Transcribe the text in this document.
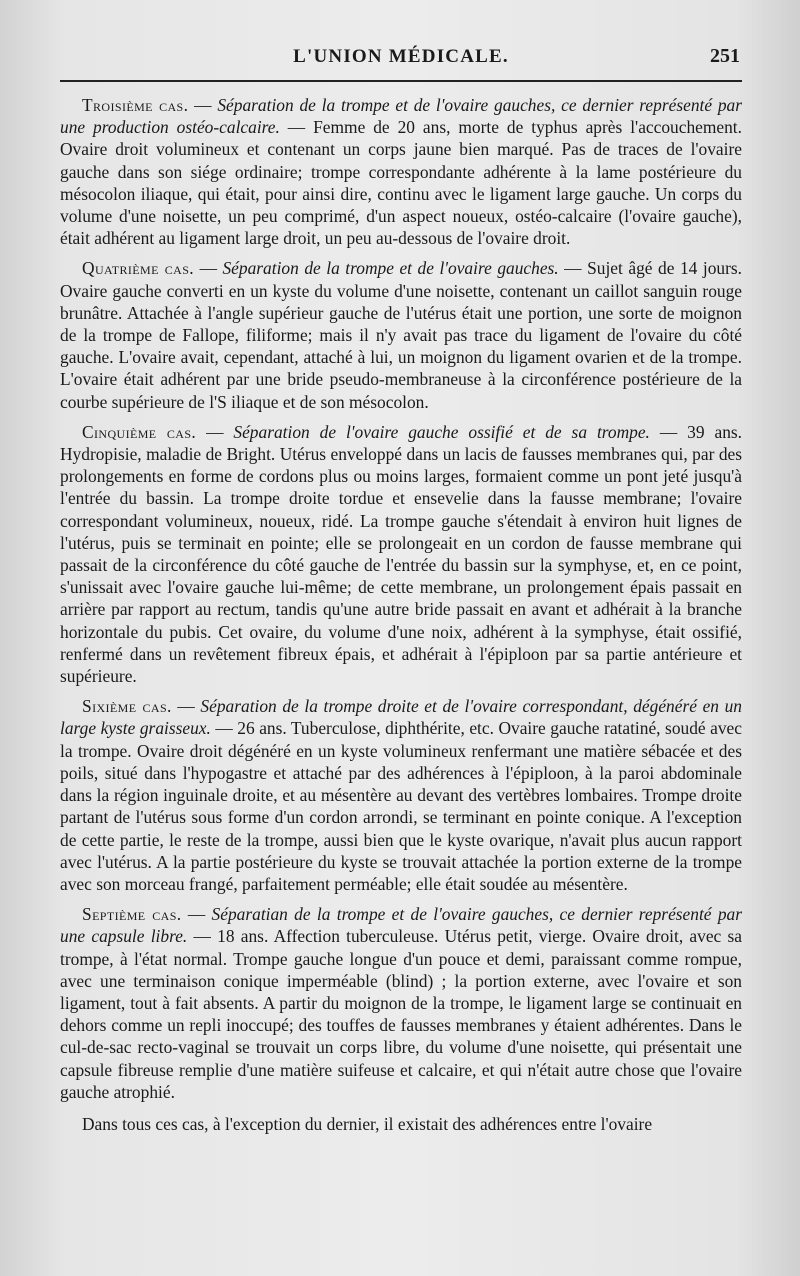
L'UNION MÉDICALE.	251

Troisième cas. — Séparation de la trompe et de l'ovaire gauches, ce dernier représenté par une production ostéo-calcaire. — Femme de 20 ans, morte de typhus après l'accouchement. Ovaire droit volumineux et contenant un corps jaune bien marqué. Pas de traces de l'ovaire gauche dans son siége ordinaire; trompe correspondante adhérente à la lame postérieure du mésocolon iliaque, qui était, pour ainsi dire, continu avec le ligament large gauche. Un corps du volume d'une noisette, un peu comprimé, d'un aspect noueux, ostéo-calcaire (l'ovaire gauche), était adhérent au ligament large droit, un peu au-dessous de l'ovaire droit.

Quatrième cas. — Séparation de la trompe et de l'ovaire gauches. — Sujet âgé de 14 jours. Ovaire gauche converti en un kyste du volume d'une noisette, contenant un caillot sanguin rouge brunâtre. Attachée à l'angle supérieur gauche de l'utérus était une portion, une sorte de moignon de la trompe de Fallope, filiforme; mais il n'y avait pas trace du ligament de l'ovaire du côté gauche. L'ovaire avait, cependant, attaché à lui, un moignon du ligament ovarien et de la trompe. L'ovaire était adhérent par une bride pseudo-membraneuse à la circonférence postérieure de la courbe supérieure de l'S iliaque et de son mésocolon.

Cinquième cas. — Séparation de l'ovaire gauche ossifié et de sa trompe. — 39 ans. Hydropisie, maladie de Bright. Utérus enveloppé dans un lacis de fausses membranes qui, par des prolongements en forme de cordons plus ou moins larges, formaient comme un pont jeté jusqu'à l'entrée du bassin. La trompe droite tordue et ensevelie dans la fausse membrane; l'ovaire correspondant volumineux, noueux, ridé. La trompe gauche s'étendait à environ huit lignes de l'utérus, puis se terminait en pointe; elle se prolongeait en un cordon de fausse membrane qui passait de la circonférence du côté gauche de l'entrée du bassin sur la symphyse, et, en ce point, s'unissait avec l'ovaire gauche lui-même; de cette membrane, un prolongement épais passait en arrière par rapport au rectum, tandis qu'une autre bride passait en avant et adhérait à la branche horizontale du pubis. Cet ovaire, du volume d'une noix, adhérent à la symphyse, était ossifié, renfermé dans un revêtement fibreux épais, et adhérait à l'épiploon par sa partie antérieure et supérieure.

Sixième cas. — Séparation de la trompe droite et de l'ovaire correspondant, dégénéré en un large kyste graisseux. — 26 ans. Tuberculose, diphthérite, etc. Ovaire gauche ratatiné, soudé avec la trompe. Ovaire droit dégénéré en un kyste volumineux renfermant une matière sébacée et des poils, situé dans l'hypogastre et attaché par des adhérences à l'épiploon, à la paroi abdominale dans la région inguinale droite, et au mésentère au devant des vertèbres lombaires. Trompe droite partant de l'utérus sous forme d'un cordon arrondi, se terminant en pointe conique. A l'exception de cette partie, le reste de la trompe, aussi bien que le kyste ovarique, n'avait plus aucun rapport avec l'utérus. A la partie postérieure du kyste se trouvait attachée la portion externe de la trompe avec son morceau frangé, parfaitement perméable; elle était soudée au mésentère.

Septième cas. — Séparatian de la trompe et de l'ovaire gauches, ce dernier représenté par une capsule libre. — 18 ans. Affection tuberculeuse. Utérus petit, vierge. Ovaire droit, avec sa trompe, à l'état normal. Trompe gauche longue d'un pouce et demi, paraissant comme rompue, avec une terminaison conique imperméable (blind) ; la portion externe, avec l'ovaire et son ligament, tout à fait absents. A partir du moignon de la trompe, le ligament large se continuait en dehors comme un repli inoccupé; des touffes de fausses membranes y étaient adhérentes. Dans le cul-de-sac recto-vaginal se trouvait un corps libre, du volume d'une noisette, qui présentait une capsule fibreuse remplie d'une matière suifeuse et calcaire, et qui n'était autre chose que l'ovaire gauche atrophié.

Dans tous ces cas, à l'exception du dernier, il existait des adhérences entre l'ovaire
